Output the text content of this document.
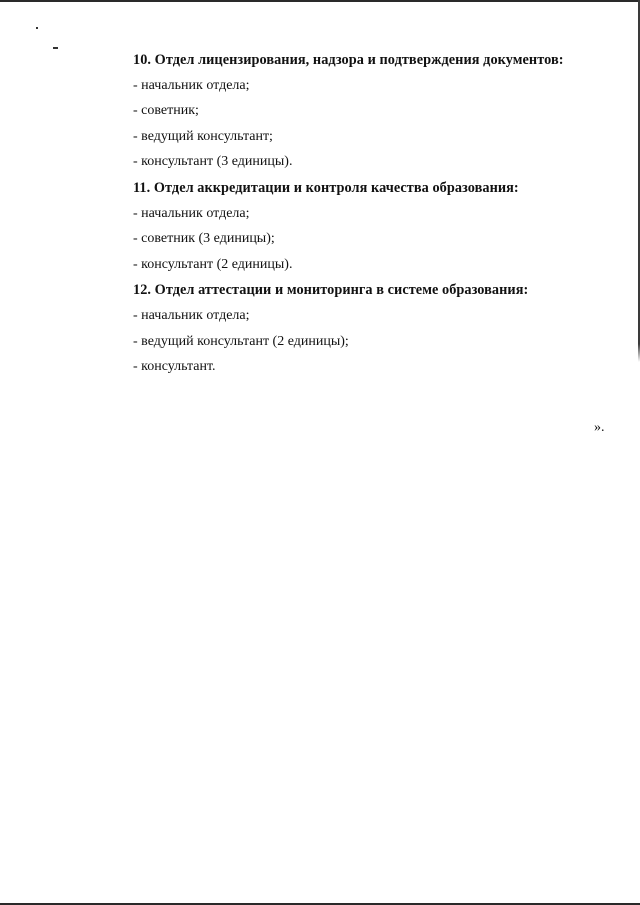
10. Отдел лицензирования, надзора и подтверждения документов:

- начальник отдела;

- советник;

- ведущий консультант;

- консультант (3 единицы).

11. Отдел аккредитации и контроля качества образования:

- начальник отдела;

- советник (3 единицы);

- консультант (2 единицы).

12. Отдел аттестации и мониторинга в системе образования:

- начальник отдела;

- ведущий консультант (2 единицы);

- консультант.

».
